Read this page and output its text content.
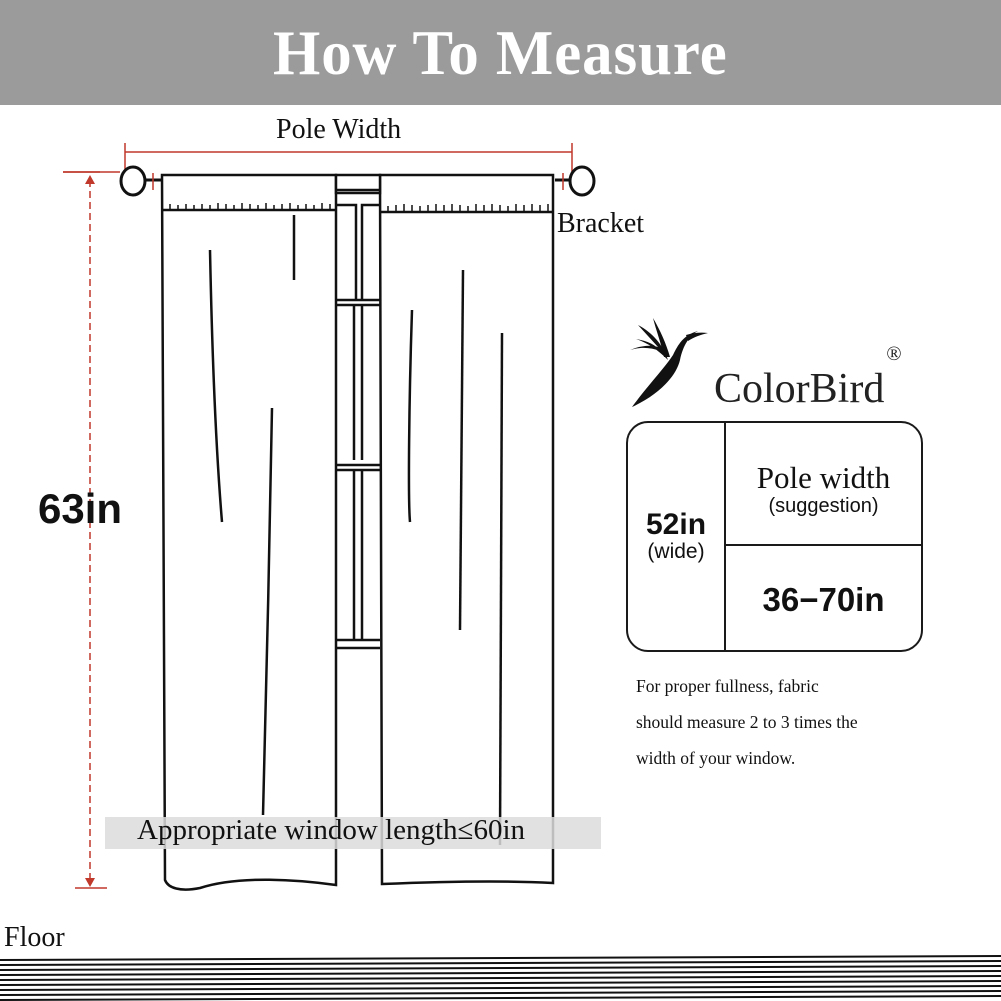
How To Measure
Pole Width
Bracket
63in
Appropriate window length≤60in
Floor
ColorBird
®
52in
(wide)
Pole width
(suggestion)
36−70in
For proper fullness, fabric
should measure 2 to 3 times the
width of your window.
